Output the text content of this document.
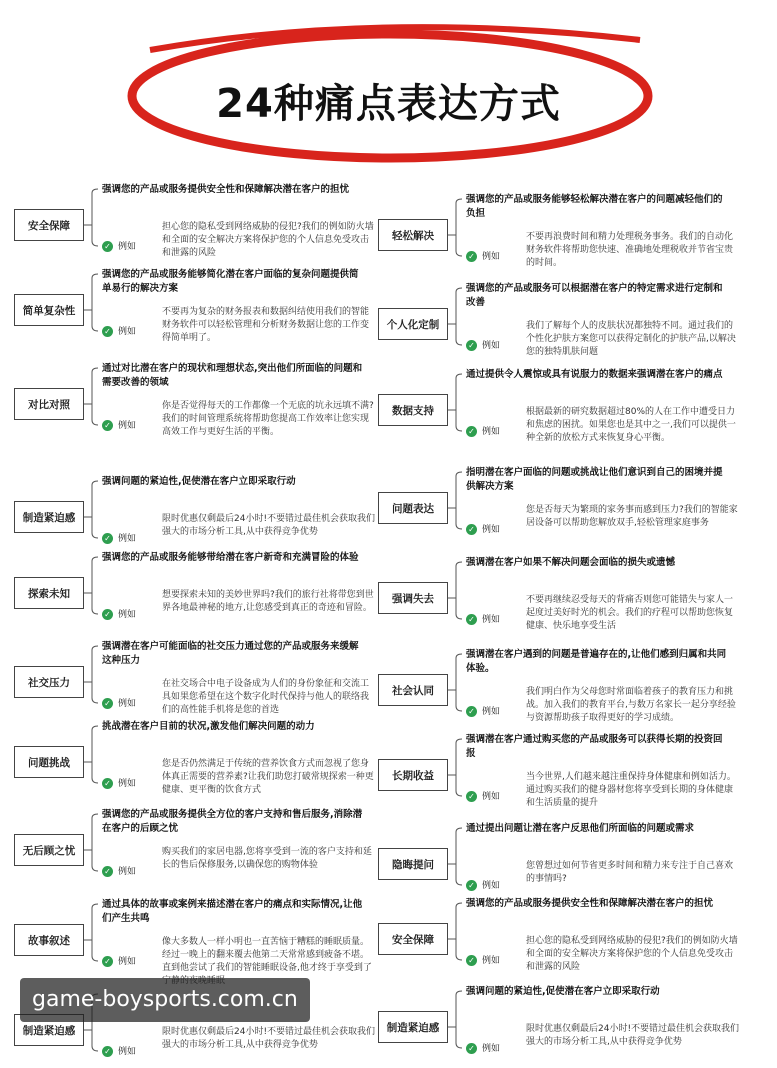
24种痛点表达方式
安全保障
强调您的产品或服务提供安全性和保障解决潜在客户的担忧
✓ 例如
担心您的隐私受到网络威胁的侵犯?我们的例如防火墙和全面的安全解决方案将保护您的个人信息免受攻击和泄露的风险
简单复杂性
强调您的产品或服务能够简化潜在客户面临的复杂问题提供简单易行的解决方案
✓ 例如
不要再为复杂的财务报表和数据纠结使用我们的智能财务软件可以轻松管理和分析财务数据让您的工作变得简单明了。
对比对照
通过对比潜在客户的现状和理想状态,突出他们所面临的问题和需要改善的领域
✓ 例如
你是否觉得每天的工作都像一个无底的坑永远填不满?我们的时间管理系统将帮助您提高工作效率让您实现高效工作与更好生活的平衡。
制造紧迫感
强调问题的紧迫性,促使潜在客户立即采取行动
✓ 例如
限时优惠仅剩最后24小时!不要错过最佳机会获取我们强大的市场分析工具,从中获得竞争优势
探索未知
强调您的产品或服务能够带给潜在客户新奇和充满冒险的体验
✓ 例如
想要探索未知的美妙世界吗?我们的旅行社将带您到世界各地最神秘的地方,让您感受到真正的奇迹和冒险。
社交压力
强调潜在客户可能面临的社交压力通过您的产品或服务来缓解这种压力
✓ 例如
在社交场合中电子设备成为人们的身份象征和交流工具如果您希望在这个数字化时代保持与他人的联络我们的高性能手机将是您的首选
问题挑战
挑战潜在客户目前的状况,激发他们解决问题的动力
✓ 例如
您是否仍然满足于传统的营养饮食方式而忽视了您身体真正需要的营养素?让我们助您打破常规探索一种更健康、更平衡的饮食方式
无后顾之忧
强调您的产品或服务提供全方位的客户支持和售后服务,消除潜在客户的后顾之忧
✓ 例如
购买我们的家居电器,您将享受到一流的客户支持和延长的售后保修服务,以确保您的购物体验
故事叙述
通过具体的故事或案例来描述潜在客户的痛点和实际情况,让他们产生共鸣
✓ 例如
像大多数人一样小明也一直苦恼于糟糕的睡眠质量。经过一晚上的翻来覆去他第二天常常感到疲备不堪。直到他尝试了我们的智能睡眠设备,他才终于享受到了
制造紧迫感
✓ 例如
限时优惠仅剩最后24小时!不要错过最佳机会获取我们强大的市场分析工具,从中获得竞争优势
轻松解决
强调您的产品或服务能够轻松解决潜在客户的问题减轻他们的负担
✓ 例如
不要再浪费时间和精力处理税务事务。我们的自动化财务软件将帮助您快速、准确地处理税收并节省宝贵的时间。
个人化定制
强调您的产品或服务可以根据潜在客户的特定需求进行定制和改善
✓ 例如
我们了解每个人的皮肤状况都独特不同。通过我们的个性化护肤方案您可以获得定制化的护肤产品,以解决您的独特肌肤问题
数据支持
通过提供令人震惊或具有说服力的数据来强调潜在客户的痛点
✓ 例如
根据最新的研究数据超过80%的人在工作中遭受日力和焦虑的困扰。如果您也是其中之一,我们可以提供一种全新的放松方式来恢复身心平衡。
问题表达
指明潜在客户面临的问题或挑战让他们意识到自己的困境并提供解决方案
✓ 例如
您是否每天为繁琐的家务事而感到压力?我们的智能家居设备可以帮助您解放双手,轻松管理家庭事务
强调失去
强调潜在客户如果不解决问题会面临的损失或遗憾
✓ 例如
不要再继续忍受每天的背痛否则您可能错失与家人一起度过美好时光的机会。我们的疗程可以帮助您恢复健康、快乐地享受生活
社会认同
强调潜在客户遇到的问题是普遍存在的,让他们感到归属和共同体验。
✓ 例如
我们明白作为父母您时常面临着孩子的教育压力和挑战。加入我们的教育平台,与数万名家长一起分享经验与资源帮助孩子取得更好的学习成绩。
长期收益
强调潜在客户通过购买您的产品或服务可以获得长期的投资回报
✓ 例如
当今世界,人们越来越注重保持身体健康和例如活力。通过购买我们的健身器材您将享受到长期的身体健康和生活质量的提升
隐晦提问
通过提出问题让潜在客户反思他们所面临的问题或需求
✓ 例如
您曾想过如何节省更多时间和精力来专注于自己喜欢的事情吗?
安全保障
强调您的产品或服务提供安全性和保障解决潜在客户的担忧
✓ 例如
担心您的隐私受到网络威胁的侵犯?我们的例如防火墙和全面的安全解决方案将保护您的个人信息免受攻击和泄露的风险
制造紧迫感
强调问题的紧迫性,促使潜在客户立即采取行动
✓ 例如
限时优惠仅剩最后24小时!不要错过最佳机会获取我们强大的市场分析工具,从中获得竞争优势
game-boysports.com.cn
